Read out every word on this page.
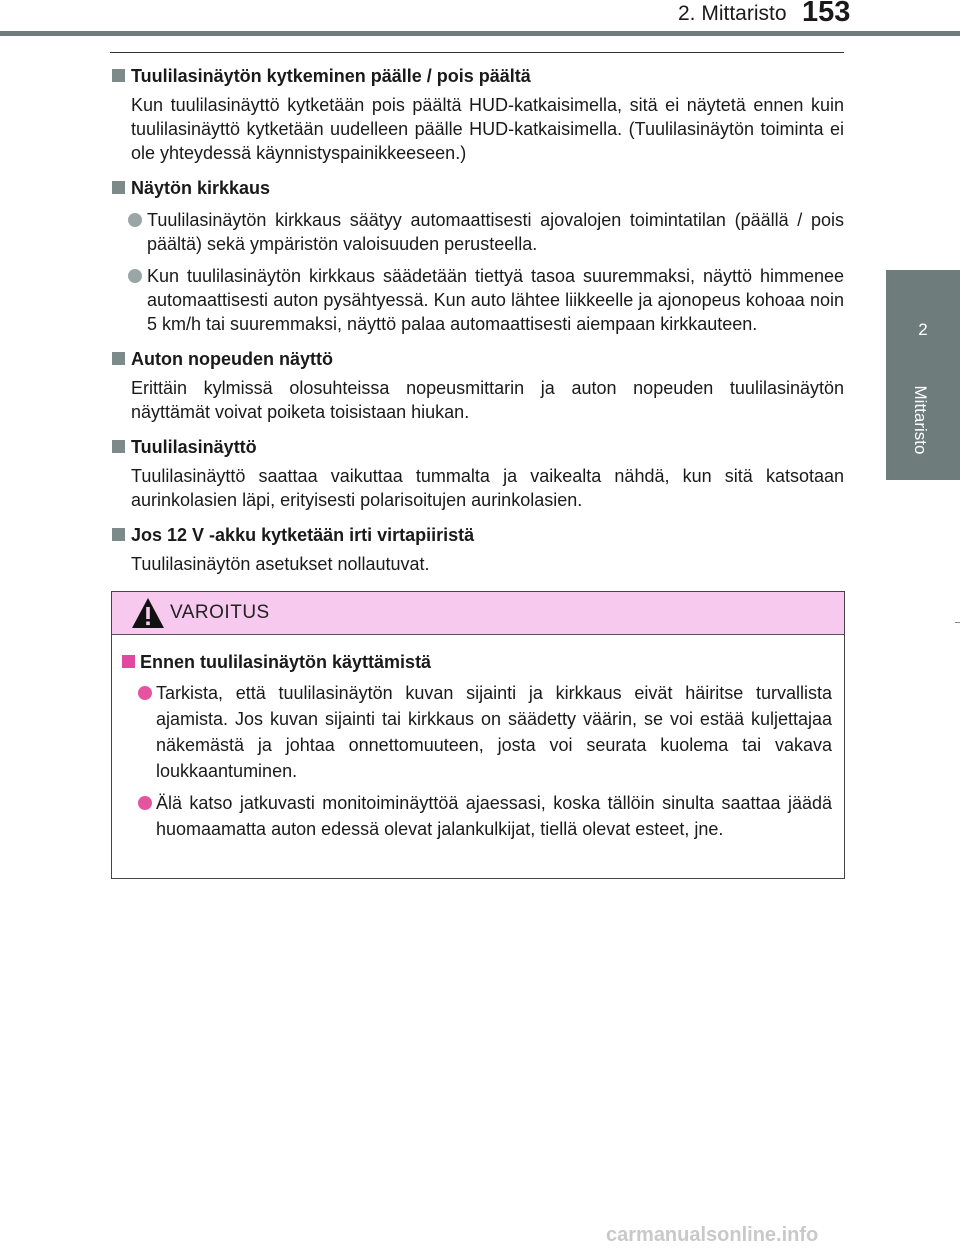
2. Mittaristo 153
2
Mittaristo
Tuulilasinäytön kytkeminen päälle / pois päältä
Kun tuulilasinäyttö kytketään pois päältä HUD-katkaisimella, sitä ei näytetä ennen kuin tuulilasinäyttö kytketään uudelleen päälle HUD-katkaisimella. (Tuulilasinäytön toiminta ei ole yhteydessä käynnistyspainikkeeseen.)
Näytön kirkkaus
Tuulilasinäytön kirkkaus säätyy automaattisesti ajovalojen toimintatilan (päällä / pois päältä) sekä ympäristön valoisuuden perusteella.
Kun tuulilasinäytön kirkkaus säädetään tiettyä tasoa suuremmaksi, näyttö himmenee automaattisesti auton pysähtyessä. Kun auto lähtee liikkeelle ja ajonopeus kohoaa noin 5 km/h tai suuremmaksi, näyttö palaa automaattisesti aiempaan kirkkauteen.
Auton nopeuden näyttö
Erittäin kylmissä olosuhteissa nopeusmittarin ja auton nopeuden tuulilasinäytön näyttämät voivat poiketa toisistaan hiukan.
Tuulilasinäyttö
Tuulilasinäyttö saattaa vaikuttaa tummalta ja vaikealta nähdä, kun sitä katsotaan aurinkolasien läpi, erityisesti polarisoitujen aurinkolasien.
Jos 12 V -akku kytketään irti virtapiiristä
Tuulilasinäytön asetukset nollautuvat.
VAROITUS
Ennen tuulilasinäytön käyttämistä
Tarkista, että tuulilasinäytön kuvan sijainti ja kirkkaus eivät häiritse turvallista ajamista. Jos kuvan sijainti tai kirkkaus on säädetty väärin, se voi estää kuljettajaa näkemästä ja johtaa onnettomuuteen, josta voi seurata kuolema tai vakava loukkaantuminen.
Älä katso jatkuvasti monitoiminäyttöä ajaessasi, koska tällöin sinulta saattaa jäädä huomaamatta auton edessä olevat jalankulkijat, tiellä olevat esteet, jne.
carmanualsonline.info
